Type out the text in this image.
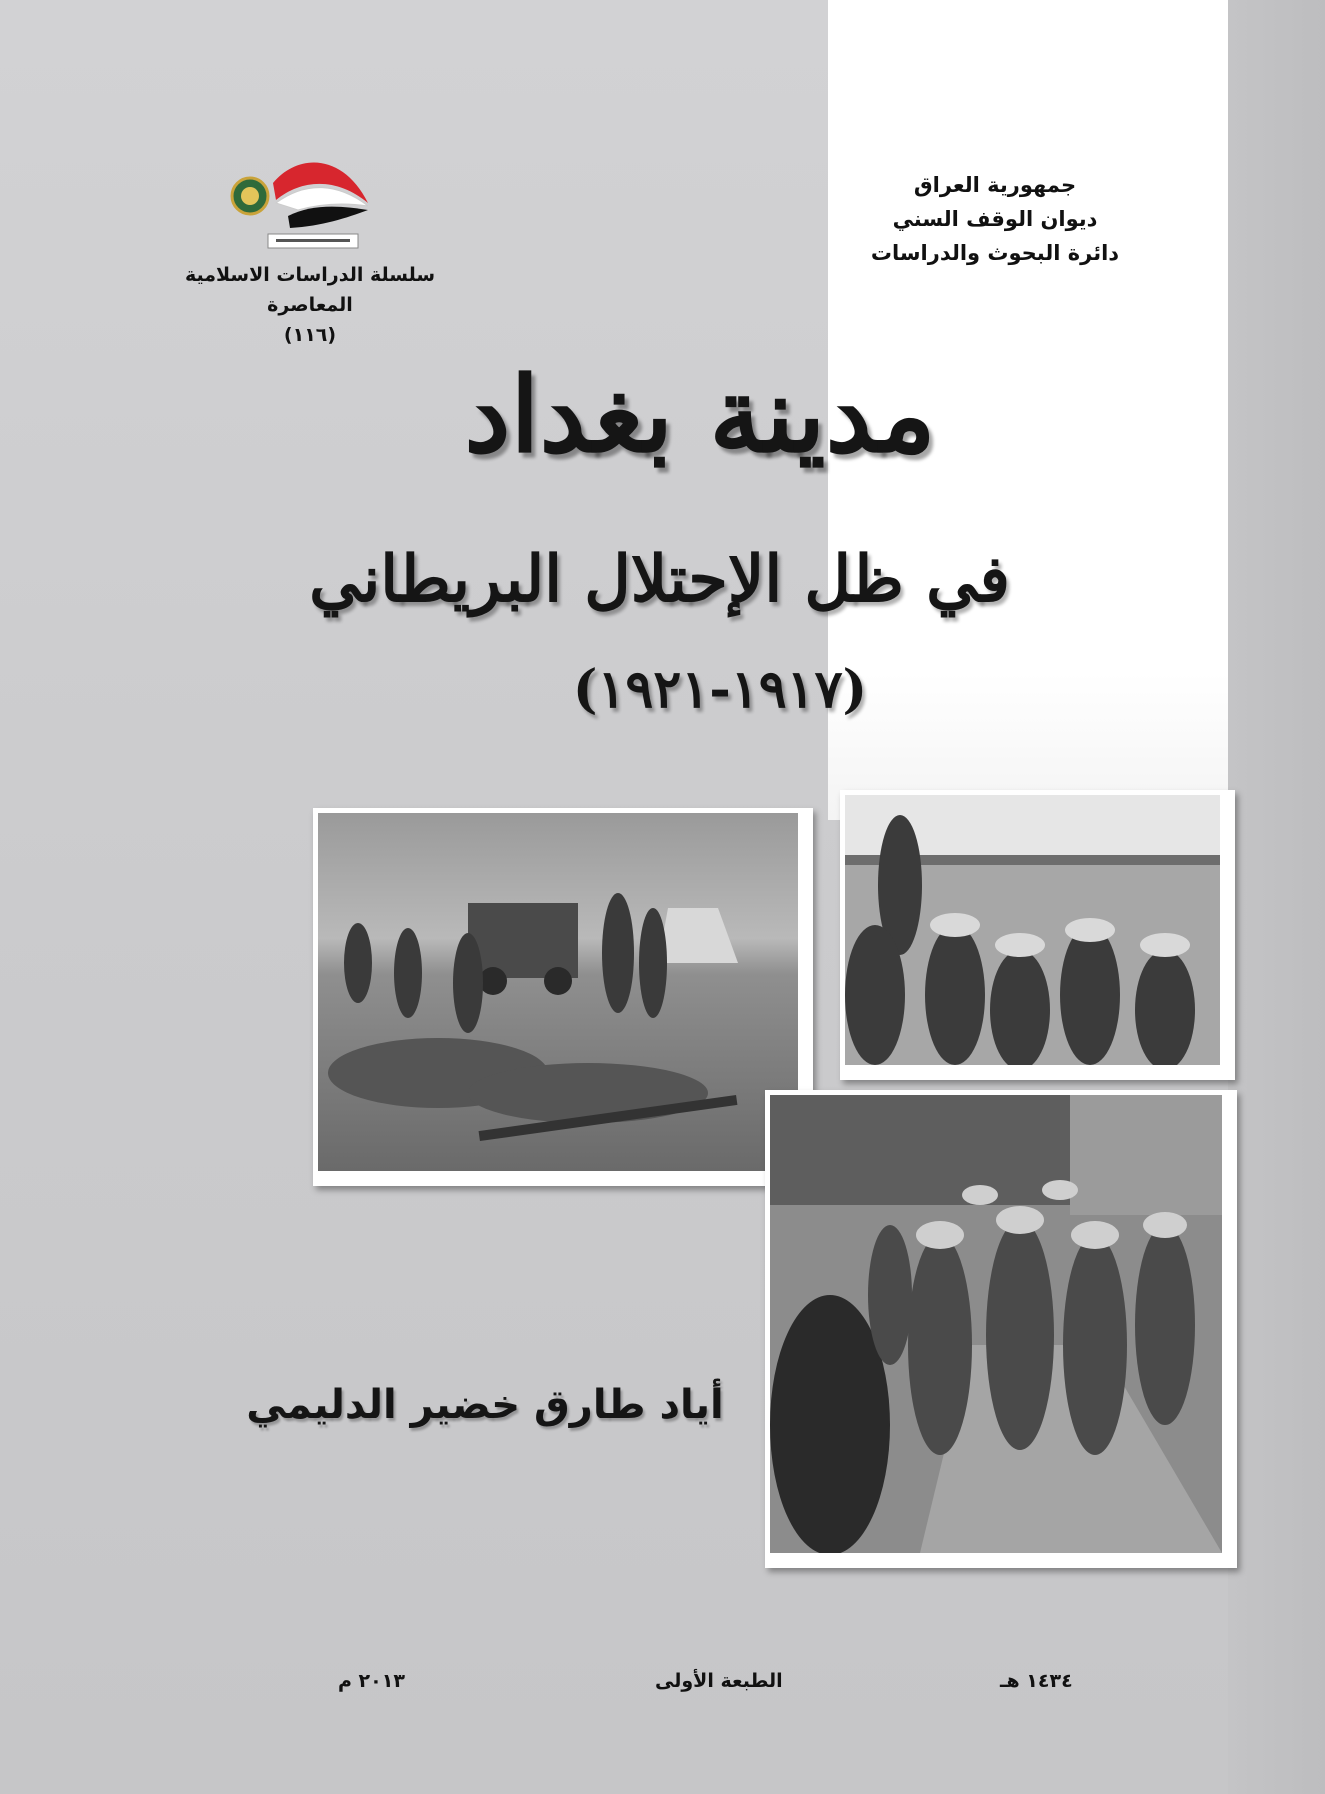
جمهورية العراق
ديوان الوقف السني
دائرة البحوث والدراسات
سلسلة الدراسات الاسلامية المعاصرة
(١١٦)
مدينة بغداد
في ظل الإحتلال البريطاني
(١٩١٧-١٩٢١)
أياد طارق خضير الدليمي
١٤٣٤ هـ
الطبعة الأولى
٢٠١٣ م
